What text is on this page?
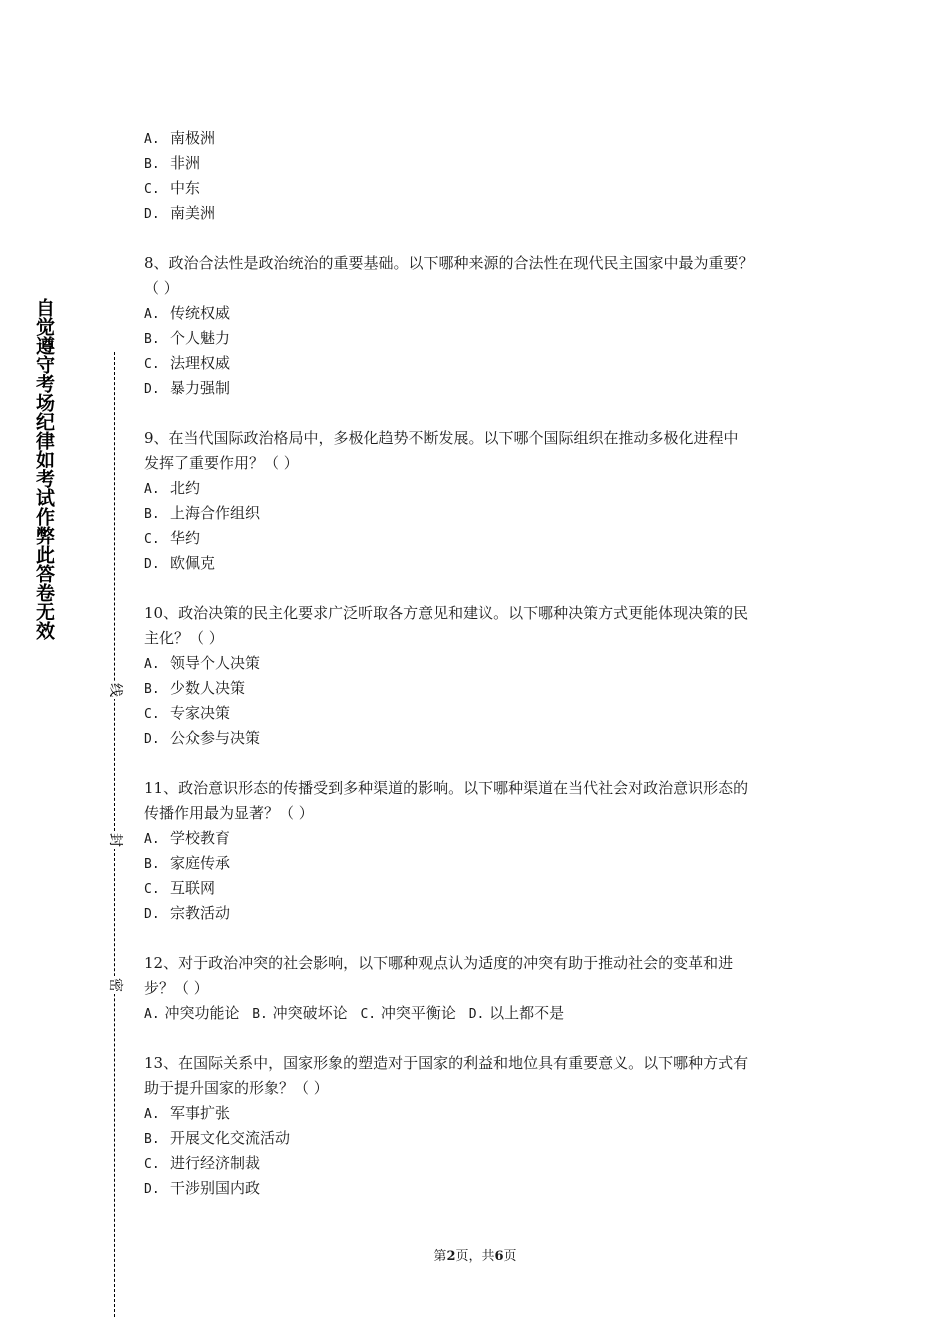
自觉遵守考场纪律如考试作弊此答卷无效
线
封
密
A. 南极洲
B. 非洲
C. 中东
D. 南美洲
8、政治合法性是政治统治的重要基础。以下哪种来源的合法性在现代民主国家中最为重要？
（ ）
A. 传统权威
B. 个人魅力
C. 法理权威
D. 暴力强制
9、在当代国际政治格局中，多极化趋势不断发展。以下哪个国际组织在推动多极化进程中
发挥了重要作用？（ ）
A. 北约
B. 上海合作组织
C. 华约
D. 欧佩克
10、政治决策的民主化要求广泛听取各方意见和建议。以下哪种决策方式更能体现决策的民
主化？（ ）
A. 领导个人决策
B. 少数人决策
C. 专家决策
D. 公众参与决策
11、政治意识形态的传播受到多种渠道的影响。以下哪种渠道在当代社会对政治意识形态的
传播作用最为显著？（ ）
A. 学校教育
B. 家庭传承
C. 互联网
D. 宗教活动
12、对于政治冲突的社会影响，以下哪种观点认为适度的冲突有助于推动社会的变革和进
步？（ ）
A. 冲突功能论 B. 冲突破坏论 C. 冲突平衡论 D. 以上都不是
13、在国际关系中，国家形象的塑造对于国家的利益和地位具有重要意义。以下哪种方式有
助于提升国家的形象？（ ）
A. 军事扩张
B. 开展文化交流活动
C. 进行经济制裁
D. 干涉别国内政
第2页，共6页
